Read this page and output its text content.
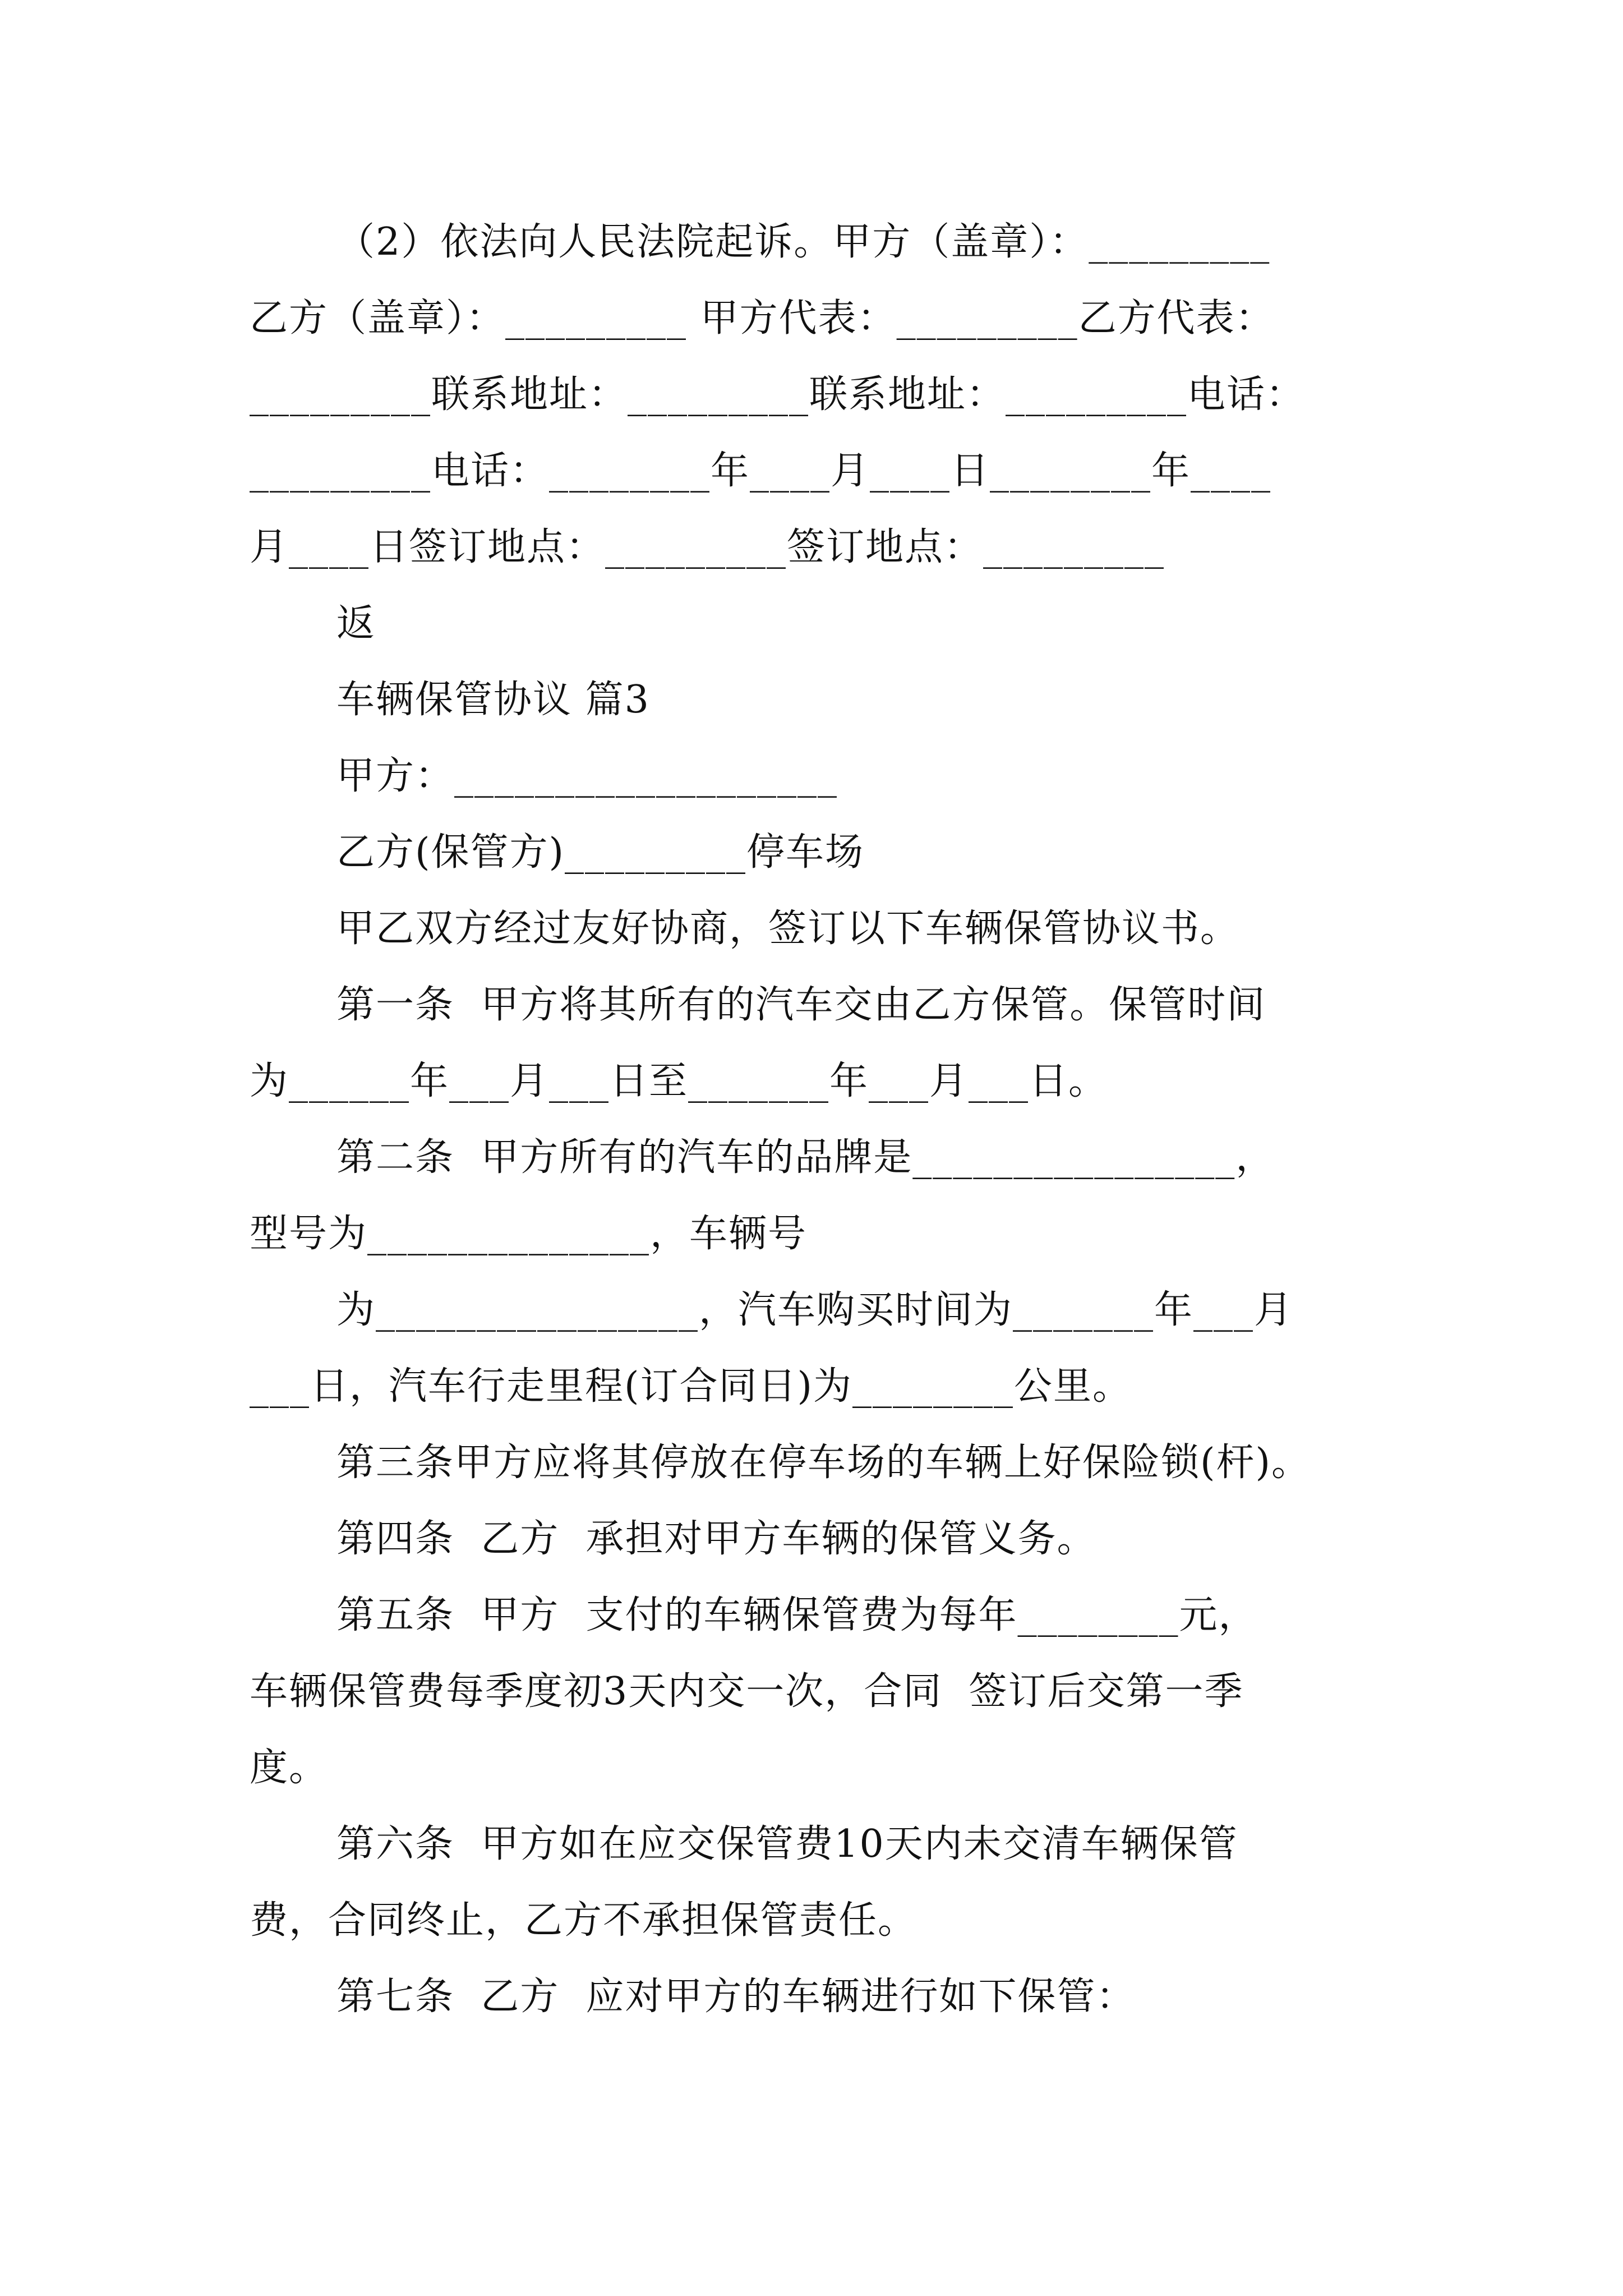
（2）依法向人民法院起诉。甲方（盖章）：_________
乙方（盖章）：_________ 甲方代表：_________乙方代表：
_________联系地址：_________联系地址：_________电话：
_________电话：________年____月____日________年____
月____日签订地点：_________签订地点：_________
返
车辆保管协议 篇3
甲方：___________________
乙方(保管方)_________停车场
甲乙双方经过友好协商，签订以下车辆保管协议书。
第一条  甲方将其所有的汽车交由乙方保管。保管时间
为______年___月___日至_______年___月___日。
第二条  甲方所有的汽车的品牌是________________，
型号为______________，车辆号
为________________，汽车购买时间为_______年___月
___日，汽车行走里程(订合同日)为________公里。
第三条甲方应将其停放在停车场的车辆上好保险锁(杆)。
第四条  乙方  承担对甲方车辆的保管义务。
第五条  甲方  支付的车辆保管费为每年________元，
车辆保管费每季度初3天内交一次，合同  签订后交第一季
度。
第六条  甲方如在应交保管费10天内未交清车辆保管
费，合同终止，乙方不承担保管责任。
第七条  乙方  应对甲方的车辆进行如下保管：
